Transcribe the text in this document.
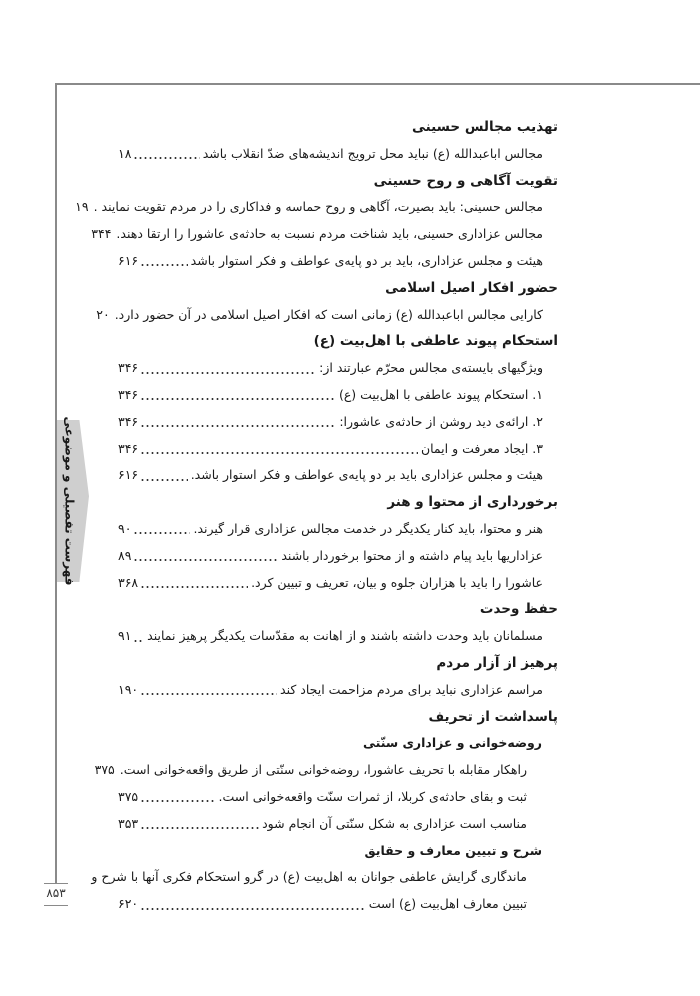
فهرست تفصیلی و موضوعی
۸۵۳
تهذیب مجالس حسینی
مجالس اباعبدالله (ع) نباید محل ترویج اندیشه‌های ضدّ انقلاب باشد
۱۸
تقویت آگاهی و روح حسینی
مجالس حسینی: باید بصیرت، آگاهی و روح حماسه و فداکاری را در مردم تقویت نمایند .
۱۹
مجالس عزاداری حسینی، باید شناخت مردم نسبت به حادثه‌ی عاشورا را ارتقا دهند.
۳۴۴
هیئت و مجلس عزاداری، باید بر دو پایه‌ی عواطف و فکر استوار باشد
۶۱۶
حضور افکار اصیل اسلامی
کارایی مجالس اباعبدالله (ع) زمانی است که افکار اصیل اسلامی در آن حضور دارد.
۲۰
استحکام پیوند عاطفی با اهل‌بیت (ع)
ویژگیهای بایسته‌ی مجالس محرّم عبارتند از:
۳۴۶
۱. استحکام پیوند عاطفی با اهل‌بیت (ع)
۳۴۶
۲. ارائه‌ی دید روشن از حادثه‌ی عاشورا:
۳۴۶
۳. ایجاد معرفت و ایمان
۳۴۶
هیئت و مجلس عزاداری باید بر دو پایه‌ی عواطف و فکر استوار باشد.
۶۱۶
برخورداری از محتوا و هنر
هنر و محتوا، باید کنار یکدیگر در خدمت مجالس عزاداری قرار گیرند.
۹۰
عزاداریها باید پیام داشته و از محتوا برخوردار باشند
۸۹
عاشورا را باید با هزاران جلوه و بیان، تعریف و تبیین کرد.
۳۶۸
حفظ وحدت
مسلمانان باید وحدت داشته باشند و از اهانت به مقدّسات یکدیگر پرهیز نمایند
۹۱
پرهیز از آزار مردم
مراسم عزاداری نباید برای مردم مزاحمت ایجاد کند
۱۹۰
پاسداشت از تحریف
روضه‌خوانی و عزاداری سنّتی
راهکار مقابله با تحریف عاشورا، روضه‌خوانی سنّتی از طریق واقعه‌خوانی است.
۳۷۵
ثبت و بقای حادثه‌ی کربلا، از ثمرات سنّت واقعه‌خوانی است.
۳۷۵
مناسب است عزاداری به شکل سنّتی آن انجام شود
۳۵۳
شرح و تبیین معارف و حقایق
ماندگاری گرایش عاطفی جوانان به اهل‌بیت (ع) در گرو استحکام فکری آنها با شرح و
تبیین معارف اهل‌بیت (ع) است
۶۲۰
